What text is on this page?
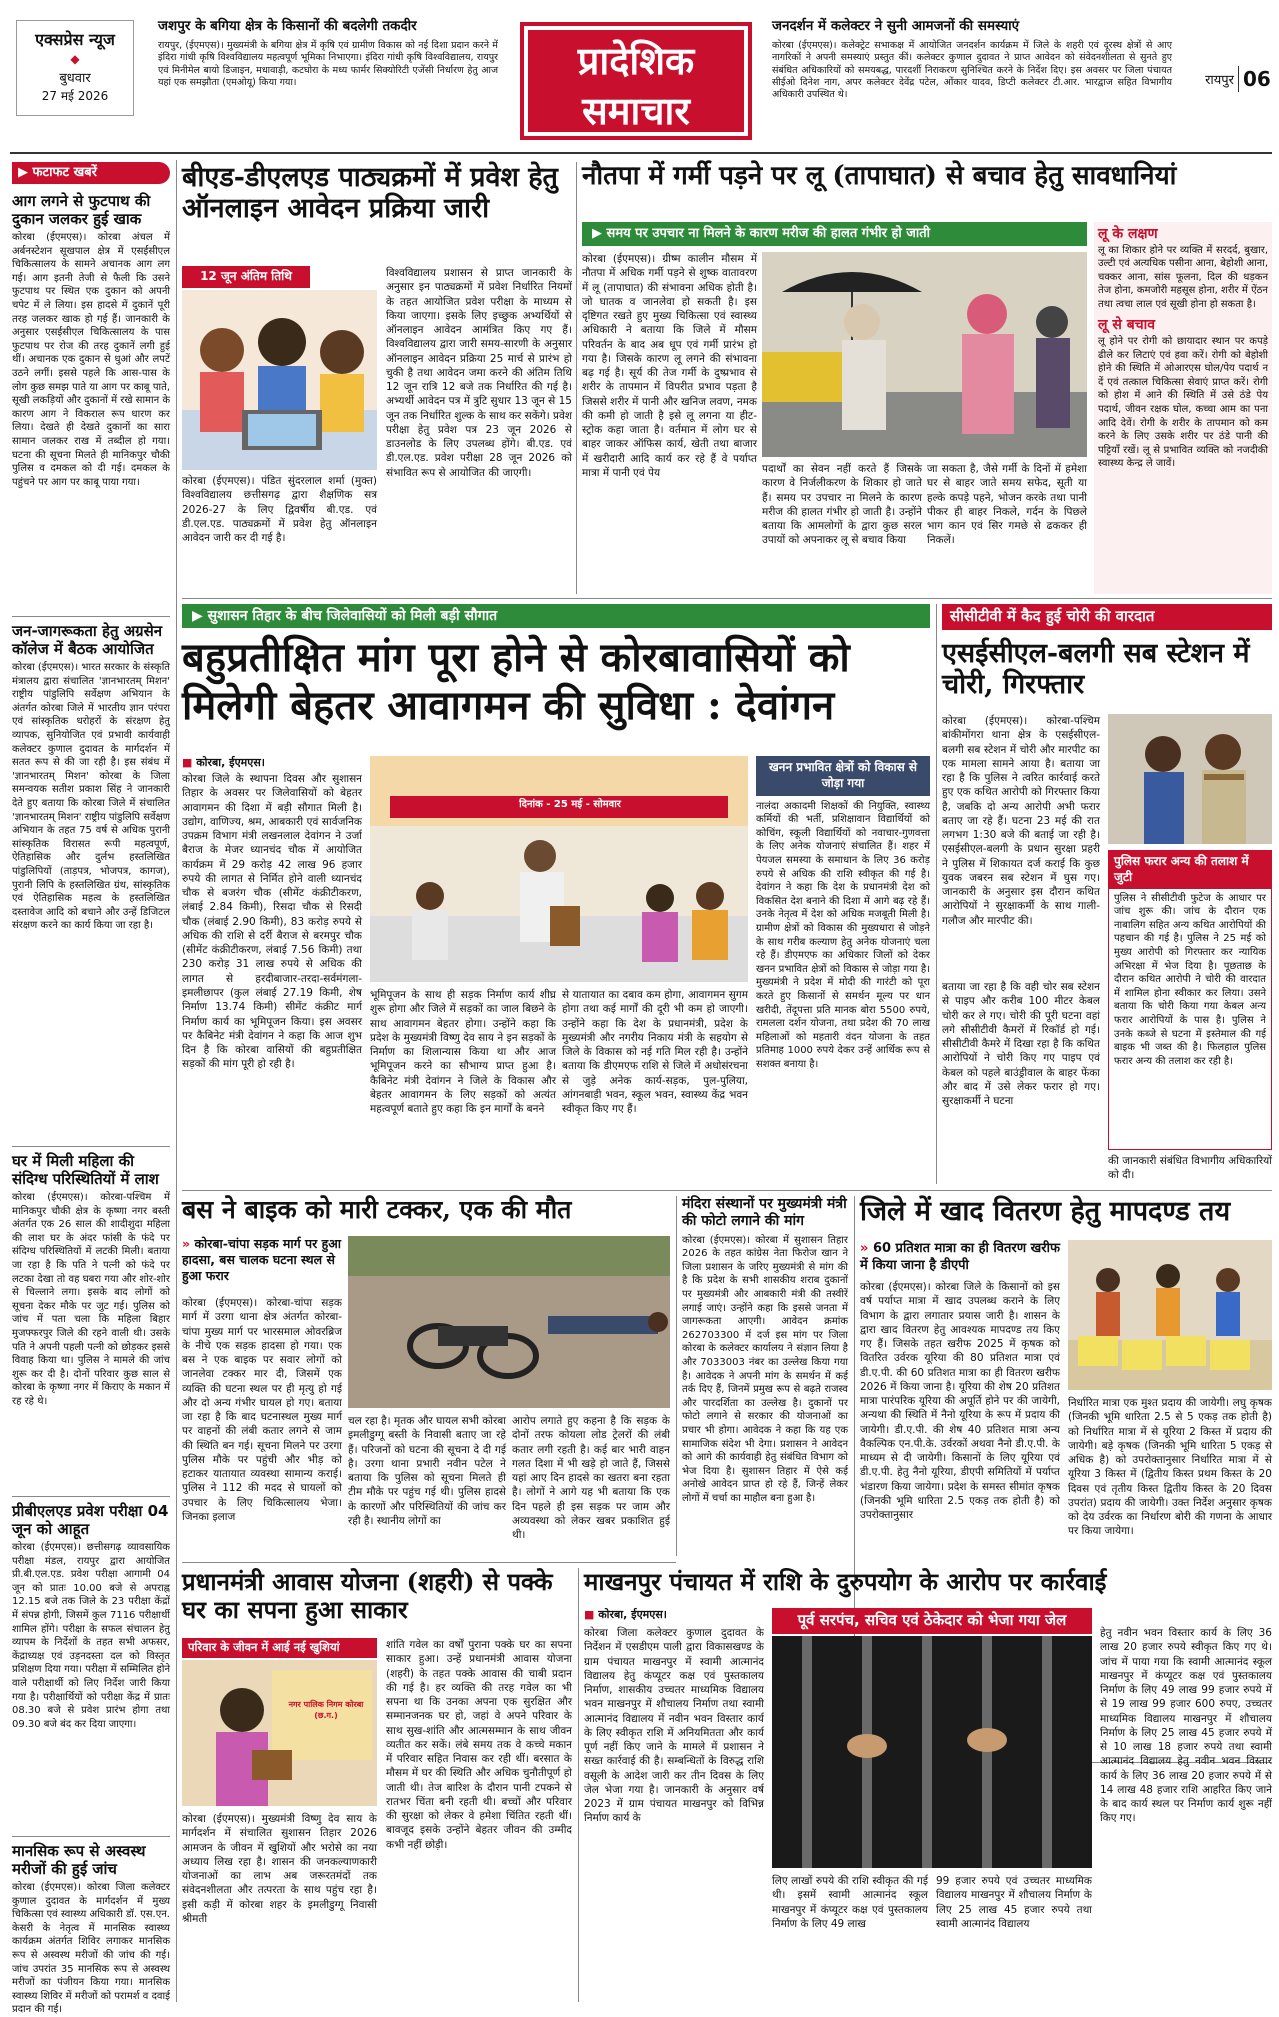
एक्सप्रेस न्यूज
◆
बुधवार
27 मई 2026
जशपुर के बगिया क्षेत्र के किसानों की बदलेगी तकदीर
रायपुर, (ईएमएस)। मुख्यमंत्री के बगिया क्षेत्र में कृषि एवं ग्रामीण विकास को नई दिशा प्रदान करने में इंदिरा गांधी कृषि विश्वविद्यालय महत्वपूर्ण भूमिका निभाएगा। इंदिरा गांधी कृषि विश्वविद्यालय, रायपुर एवं मिनीमेल बायो डिजाइन, मधावाड़ी, कटघोरा के मध्य फार्मर सिक्योरिटी एजेंसी निर्धारण हेतु आज यहां एक समझौता (एमओयू) किया गया।	प्रादेशिक
समाचार
जनदर्शन में कलेक्टर ने सुनी आमजनों की समस्याएं
कोरबा (ईएमएस)। कलेक्ट्रेट सभाकक्ष में आयोजित जनदर्शन कार्यक्रम में जिले के शहरी एवं दूरस्थ क्षेत्रों से आए नागरिकों ने अपनी समस्याएं प्रस्तुत कीं। कलेक्टर कुणाल दुदावत ने प्राप्त आवेदन को संवेदनशीलता से सुनते हुए संबंधित अधिकारियों को समयबद्ध, पारदर्शी निराकरण सुनिश्चित करने के निर्देश दिए। इस अवसर पर जिला पंचायत सीईओ दिनेश नाग, अपर कलेक्टर देवेंद्र पटेल, ओंकार यादव, डिप्टी कलेक्टर टी.आर. भारद्वाज सहित विभागीय अधिकारी उपस्थित थे।
रायपुर 06
▶ फटाफट खबरें
आग लगने से फुटपाथ की दुकान जलकर हुई खाक
कोरबा (ईएमएस)। कोरबा अंचल में अर्बनस्टेशन सूखपाल क्षेत्र में एसईसीएल चिकित्सालय के सामने अचानक आग लग गई। आग इतनी तेजी से फैली कि उसने फुटपाथ पर स्थित एक दुकान को अपनी चपेट में ले लिया। इस हादसे में दुकानें पूरी तरह जलकर खाक हो गई हैं। जानकारी के अनुसार एसईसीएल चिकित्सालय के पास फुटपाथ पर रोज की तरह दुकानें लगी हुई थीं। अचानक एक दुकान से धुआं और लपटें उठने लगीं। इससे पहले कि आस-पास के लोग कुछ समझ पाते या आग पर काबू पाते, सूखी लकड़ियों और दुकानों में रखे सामान के कारण आग ने विकराल रूप धारण कर लिया। देखते ही देखते दुकानों का सारा सामान जलकर राख में तब्दील हो गया। घटना की सूचना मिलते ही मानिकपुर चौकी पुलिस व दमकल को दी गई। दमकल के पहुंचने पर आग पर काबू पाया गया।
जन-जागरूकता हेतु अग्रसेन कॉलेज में बैठक आयोजित
कोरबा (ईएमएस)। भारत सरकार के संस्कृति मंत्रालय द्वारा संचालित 'ज्ञानभारतम् मिशन' राष्ट्रीय पांडुलिपि सर्वेक्षण अभियान के अंतर्गत कोरबा जिले में भारतीय ज्ञान परंपरा एवं सांस्कृतिक धरोहरों के संरक्षण हेतु व्यापक, सुनियोजित एवं प्रभावी कार्यवाही कलेक्टर कुणाल दुदावत के मार्गदर्शन में सतत रूप से की जा रही है। इस संबंध में 'ज्ञानभारतम् मिशन' कोरबा के जिला समन्वयक सतीश प्रकाश सिंह ने जानकारी देते हुए बताया कि कोरबा जिले में संचालित 'ज्ञानभारतम् मिशन' राष्ट्रीय पांडुलिपि सर्वेक्षण अभियान के तहत 75 वर्ष से अधिक पुरानी सांस्कृतिक विरासत रूपी महत्वपूर्ण, ऐतिहासिक और दुर्लभ हस्तलिखित पांडुलिपियों (ताड़पत्र, भोजपत्र, कागज), पुरानी लिपि के हस्तलिखित ग्रंथ, सांस्कृतिक एवं ऐतिहासिक महत्व के हस्तलिखित दस्तावेज आदि को बचाने और उन्हें डिजिटल संरक्षण करने का कार्य किया जा रहा है।
घर में मिली महिला की संदिग्ध परिस्थितियों में लाश
कोरबा (ईएमएस)। कोरबा-पश्चिम में मानिकपुर चौकी क्षेत्र के कृष्णा नगर बस्ती अंतर्गत एक 26 साल की शादीशुदा महिला की लाश घर के अंदर फांसी के फंदे पर संदिग्ध परिस्थितियों में लटकी मिली। बताया जा रहा है कि पति ने पत्नी को फंदे पर लटका देखा तो वह घबरा गया और शोर-शोर से चिल्लाने लगा। इसके बाद लोगों को सूचना देकर मौके पर जुट गई। पुलिस को जांच में पता चला कि महिला बिहार मुजफ्फरपुर जिले की रहने वाली थी। उसके पति ने अपनी पहली पत्नी को छोड़कर इससे विवाह किया था। पुलिस ने मामले की जांच शुरू कर दी है। दोनों परिवार कुछ साल से कोरबा के कृष्णा नगर में किराए के मकान में रह रहे थे।
प्रीबीएलएड प्रवेश परीक्षा 04 जून को आहूत
कोरबा (ईएमएस)। छत्तीसगढ़ व्यावसायिक परीक्षा मंडल, रायपुर द्वारा आयोजित प्री.बी.एल.एड. प्रवेश परीक्षा आगामी 04 जून को प्रातः 10.00 बजे से अपराह्न 12.15 बजे तक जिले के 23 परीक्षा केंद्रों में संपन्न होगी, जिसमें कुल 7116 परीक्षार्थी शामिल होंगे। परीक्षा के सफल संचालन हेतु व्यापम के निर्देशों के तहत सभी अफसर, केंद्राध्यक्ष एवं उड़नदस्ता दल को विस्तृत प्रशिक्षण दिया गया। परीक्षा में सम्मिलित होने वाले परीक्षार्थी को लिए निर्देश जारी किया गया है। परीक्षार्थियों को परीक्षा केंद्र में प्रातः 08.30 बजे से प्रवेश प्रारंभ होगा तथा 09.30 बजे बंद कर दिया जाएगा।
मानसिक रूप से अस्वस्थ मरीजों की हुई जांच
कोरबा (ईएमएस)। कोरबा जिला कलेक्टर कुणाल दुदावत के मार्गदर्शन में मुख्य चिकित्सा एवं स्वास्थ्य अधिकारी डॉ. एस.एन. केसरी के नेतृत्व में मानसिक स्वास्थ्य कार्यक्रम अंतर्गत शिविर लगाकर मानसिक रूप से अस्वस्थ मरीजों की जांच की गई। जांच उपरांत 35 मानसिक रूप से अस्वस्थ मरीजों का पंजीयन किया गया। मानसिक स्वास्थ्य शिविर में मरीजों को परामर्श व दवाई प्रदान की गई।
बीएड-डीएलएड पाठ्यक्रमों में प्रवेश हेतु ऑनलाइन आवेदन प्रक्रिया जारी
12 जून अंतिम तिथि
कोरबा (ईएमएस)। पंडित सुंदरलाल शर्मा (मुक्त) विश्वविद्यालय छत्तीसगढ़ द्वारा शैक्षणिक सत्र 2026-27 के लिए द्विवर्षीय बी.एड. एवं डी.एल.एड. पाठ्यक्रमों में प्रवेश हेतु ऑनलाइन आवेदन जारी कर दी गई है।
विश्वविद्यालय प्रशासन से प्राप्त जानकारी के अनुसार इन पाठ्यक्रमों में प्रवेश निर्धारित नियमों के तहत आयोजित प्रवेश परीक्षा के माध्यम से किया जाएगा। इसके लिए इच्छुक अभ्यर्थियों से ऑनलाइन आवेदन आमंत्रित किए गए हैं। विश्वविद्यालय द्वारा जारी समय-सारणी के अनुसार ऑनलाइन आवेदन प्रक्रिया 25 मार्च से प्रारंभ हो चुकी है तथा आवेदन जमा करने की अंतिम तिथि 12 जून रात्रि 12 बजे तक निर्धारित की गई है। अभ्यर्थी आवेदन पत्र में त्रुटि सुधार 13 जून से 15 जून तक निर्धारित शुल्क के साथ कर सकेंगे। प्रवेश परीक्षा हेतु प्रवेश पत्र 23 जून 2026 से डाउनलोड के लिए उपलब्ध होंगे। बी.एड. एवं डी.एल.एड. प्रवेश परीक्षा 28 जून 2026 को संभावित रूप से आयोजित की जाएगी।
नौतपा में गर्मी पड़ने पर लू (तापाघात) से बचाव हेतु सावधानियां
▶ समय पर उपचार ना मिलने के कारण मरीज की हालत गंभीर हो जाती
कोरबा (ईएमएस)। ग्रीष्म कालीन मौसम में नौतपा में अधिक गर्मी पड़ने से शुष्क वातावरण में लू (तापाघात) की संभावना अधिक होती है। जो घातक व जानलेवा हो सकती है। इस दृष्टिगत रखते हुए मुख्य चिकित्सा एवं स्वास्थ्य अधिकारी ने बताया कि जिले में मौसम परिवर्तन के बाद अब धूप एवं गर्मी प्रारंभ हो गया है। जिसके कारण लू लगने की संभावना बढ़ गई है। सूर्य की तेज गर्मी के दुष्प्रभाव से शरीर के तापमान में विपरीत प्रभाव पड़ता है जिससे शरीर में पानी और खनिज लवण, नमक की कमी हो जाती है इसे लू लगना या हीट-स्ट्रोक कहा जाता है। वर्तमान में लोग घर से बाहर जाकर ऑफिस कार्य, खेती तथा बाजार में खरीदारी आदि कार्य कर रहे हैं वे पर्याप्त मात्रा में पानी एवं पेय	पदार्थों का सेवन नहीं करते हैं जिसके कारण वे निर्जलीकरण के शिकार हो जाते हैं। समय पर उपचार ना मिलने के कारण मरीज की हालत गंभीर हो जाती है। उन्होंने बताया कि आमलोगों के द्वारा कुछ सरल उपायों को अपनाकर लू से बचाव किया
जा सकता है, जैसे गर्मी के दिनों में हमेशा घर से बाहर जाते समय सफेद, सूती या हल्के कपड़े पहने, भोजन करके तथा पानी पीकर ही बाहर निकले, गर्दन के पिछले भाग कान एवं सिर गमछे से ढककर ही निकलें।
लू के लक्षण
लू का शिकार होने पर व्यक्ति में सरदर्द, बुखार, उल्टी एवं अत्यधिक पसीना आना, बेहोशी आना, चक्कर आना, सांस फूलना, दिल की धड़कन तेज होना, कमजोरी महसूस होना, शरीर में ऐंठन तथा त्वचा लाल एवं सूखी होना हो सकता है।
लू से बचाव
लू होने पर रोगी को छायादार स्थान पर कपड़े ढीले कर लिटाएं एवं हवा करें। रोगी को बेहोशी होने की स्थिति में ओआरएस घोल/पेय पदार्थ न दें एवं तत्काल चिकित्सा सेवाएं प्राप्त करें। रोगी को होश में आने की स्थिति में उसे ठंडे पेय पदार्थ, जीवन रक्षक घोल, कच्चा आम का पना आदि देवें। रोगी के शरीर के तापमान को कम करने के लिए उसके शरीर पर ठंडे पानी की पट्टियाँ रखें। लू से प्रभावित व्यक्ति को नजदीकी स्वास्थ्य केन्द्र ले जावें।
▶ सुशासन तिहार के बीच जिलेवासियों को मिली बड़ी सौगात
बहुप्रतीक्षित मांग पूरा होने से कोरबावासियों को मिलेगी बेहतर आवागमन की सुविधा : देवांगन
■ कोरबा, ईएमएस।
कोरबा जिले के स्थापना दिवस और सुशासन तिहार के अवसर पर जिलेवासियों को बेहतर आवागमन की दिशा में बड़ी सौगात मिली है। उद्योग, वाणिज्य, श्रम, आबकारी एवं सार्वजनिक उपक्रम विभाग मंत्री लखनलाल देवांगन ने उर्जा बैराज के मेजर ध्यानचंद चौक में आयोजित कार्यक्रम में 29 करोड़ 42 लाख 96 हजार रुपये की लागत से निर्मित होने वाली ध्यानचंद चौक से बजरंग चौक (सीमेंट कंक्रीटीकरण, लंबाई 2.84 किमी), रिसदा चौक से रिसदी चौक (लंबाई 2.90 किमी), 83 करोड़ रुपये से अधिक की राशि से दर्री बैराज से बरमपुर चौक (सीमेंट कंक्रीटीकरण, लंबाई 7.56 किमी) तथा 230 करोड़ 31 लाख रुपये से अधिक की लागत से हरदीबाजार-तरदा-सर्वमंगला-इमलीछापर (कुल लंबाई 27.19 किमी, शेष निर्माण 13.74 किमी) सीमेंट कंक्रीट मार्ग निर्माण कार्य का भूमिपूजन किया। इस अवसर पर कैबिनेट मंत्री देवांगन ने कहा कि आज शुभ दिन है कि कोरबा वासियों की बहुप्रतीक्षित सड़कों की मांग पूरी हो रही है।
दिनांक - 25 मई - सोमवार
भूमिपूजन के साथ ही सड़क निर्माण कार्य शीघ्र शुरू होगा और जिले में सड़कों का जाल बिछने के साथ आवागमन बेहतर होगा। उन्होंने कहा कि प्रदेश के मुख्यमंत्री विष्णु देव साय ने इन सड़कों के निर्माण का शिलान्यास किया था और आज भूमिपूजन करने का सौभाग्य प्राप्त हुआ है। कैबिनेट मंत्री देवांगन ने जिले के विकास और बेहतर आवागमन के लिए सड़कों को अत्यंत महत्वपूर्ण बताते हुए कहा कि इन मार्गों के बनने
से यातायात का दबाव कम होगा, आवागमन सुगम होगा तथा कई मार्गों की दूरी भी कम हो जाएगी। उन्होंने कहा कि देश के प्रधानमंत्री, प्रदेश के मुख्यमंत्री और नगरीय निकाय मंत्री के सहयोग से जिले के विकास को नई गति मिल रही है। उन्होंने बताया कि डीएमएफ राशि से जिले में अधोसंरचना से जुड़े अनेक कार्य-सड़क, पुल-पुलिया, आंगनबाड़ी भवन, स्कूल भवन, स्वास्थ्य केंद्र भवन स्वीकृत किए गए हैं।
खनन प्रभावित क्षेत्रों को विकास से जोड़ा गया
नालंदा अकादमी शिक्षकों की नियुक्ति, स्वास्थ्य कर्मियों की भर्ती, प्रशिक्षावान विद्यार्थियों को कोचिंग, स्कूली विद्यार्थियों को नवाचार-गुणवत्ता के लिए अनेक योजनाएं संचालित हैं। शहर में पेयजल समस्या के समाधान के लिए 36 करोड़ रुपये से अधिक की राशि स्वीकृत की गई है। देवांगन ने कहा कि देश के प्रधानमंत्री देश को विकसित देश बनाने की दिशा में आगे बढ़ रहे हैं। उनके नेतृत्व में देश को अधिक मजबूती मिली है। ग्रामीण क्षेत्रों को विकास की मुख्यधारा से जोड़ने के साथ गरीब कल्याण हेतु अनेक योजनाएं चला रहे हैं। डीएमएफ का अधिकार जिलों को देकर खनन प्रभावित क्षेत्रों को विकास से जोड़ा गया है। मुख्यमंत्री ने प्रदेश में मोदी की गारंटी को पूरा करते हुए किसानों से समर्थन मूल्य पर धान खरीदी, तेंदूपत्ता प्रति मानक बोरा 5500 रुपये, रामलला दर्शन योजना, तथा प्रदेश की 70 लाख महिलाओं को महतारी वंदन योजना के तहत प्रतिमाह 1000 रुपये देकर उन्हें आर्थिक रूप से सशक्त बनाया है।
सीसीटीवी में कैद हुई चोरी की वारदात
एसईसीएल-बलगी सब स्टेशन में चोरी, गिरफ्तार
कोरबा (ईएमएस)। कोरबा-पश्चिम बांकीमोंगरा थाना क्षेत्र के एसईसीएल-बलगी सब स्टेशन में चोरी और मारपीट का एक मामला सामने आया है। बताया जा रहा है कि पुलिस ने त्वरित कार्रवाई करते हुए एक कथित आरोपी को गिरफ्तार किया है, जबकि दो अन्य आरोपी अभी फरार बताए जा रहे हैं। घटना 23 मई की रात लगभग 1:30 बजे की बताई जा रही है। एसईसीएल-बलगी के प्रधान सुरक्षा प्रहरी ने पुलिस में शिकायत दर्ज कराई कि कुछ युवक जबरन सब स्टेशन में घुस गए। जानकारी के अनुसार इस दौरान कथित आरोपियों ने सुरक्षाकर्मी के साथ गाली-गलौज और मारपीट की।
पुलिस फरार अन्य की तलाश में जुटी
पुलिस ने सीसीटीवी फुटेज के आधार पर जांच शुरू की। जांच के दौरान एक नाबालिग सहित अन्य कथित आरोपियों की पहचान की गई है। पुलिस ने 25 मई को मुख्य आरोपी को गिरफ्तार कर न्यायिक अभिरक्षा में भेज दिया है। पूछताछ के दौरान कथित आरोपी ने चोरी की वारदात में शामिल होना स्वीकार कर लिया। उसने बताया कि चोरी किया गया केबल अन्य फरार आरोपियों के पास है। पुलिस ने उनके कब्जे से घटना में इस्तेमाल की गई बाइक भी जब्त की है। फिलहाल पुलिस फरार अन्य की तलाश कर रही है।
बताया जा रहा है कि वही चोर सब स्टेशन से पाइप और करीब 100 मीटर केबल चोरी कर ले गए। चोरी की पूरी घटना वहां लगे सीसीटीवी कैमरों में रिकॉर्ड हो गई। सीसीटीवी कैमरे में दिखा रहा है कि कथित आरोपियों ने चोरी किए गए पाइप एवं केबल को पहले बाउंड्रीवाल के बाहर फेंका और बाद में उसे लेकर फरार हो गए। सुरक्षाकर्मी ने घटना
की जानकारी संबंधित विभागीय अधिकारियों को दी।
बस ने बाइक को मारी टक्कर, एक की मौत
» कोरबा-चांपा सड़क मार्ग पर हुआ हादसा, बस चालक घटना स्थल से हुआ फरार
कोरबा (ईएमएस)। कोरबा-चांपा सड़क मार्ग में उरगा थाना क्षेत्र अंतर्गत कोरबा-चांपा मुख्य मार्ग पर भारसमाल ओवरब्रिज के नीचे एक सड़क हादसा हो गया। एक बस ने एक बाइक पर सवार लोगों को जानलेवा टक्कर मार दी, जिसमें एक व्यक्ति की घटना स्थल पर ही मृत्यु हो गई और दो अन्य गंभीर घायल हो गए। बताया जा रहा है कि बाद घटनास्थल मुख्य मार्ग पर वाहनों की लंबी कतार लगने से जाम की स्थिति बन गई। सूचना मिलने पर उरगा पुलिस मौके पर पहुंची और भीड़ को हटाकर यातायात व्यवस्था सामान्य कराई। पुलिस ने 112 की मदद से घायलों को उपचार के लिए चिकित्सालय भेजा। जिनका इलाज
चल रहा है। मृतक और घायल सभी कोरबा इमलीडुग्गू बस्ती के निवासी बताए जा रहे हैं। परिजनों को घटना की सूचना दे दी गई है। उरगा थाना प्रभारी नवीन पटेल ने बताया कि पुलिस को सूचना मिलते ही टीम मौके पर पहुंच गई थी। पुलिस हादसे के कारणों और परिस्थितियों की जांच कर रही है। स्थानीय लोगों का
आरोप लगाते हुए कहना है कि सड़क के दोनों तरफ कोयला लोड ट्रेलरों की लंबी कतार लगी रहती है। कई बार भारी वाहन गलत दिशा में भी खड़े हो जाते हैं, जिससे यहां आए दिन हादसे का खतरा बना रहता है। लोगों ने आगे यह भी बताया कि एक दिन पहले ही इस सड़क पर जाम और अव्यवस्था को लेकर खबर प्रकाशित हुई थी।
मंदिरा संस्थानों पर मुख्यमंत्री मंत्री की फोटो लगाने की मांग
कोरबा (ईएमएस)। कोरबा में सुशासन तिहार 2026 के तहत कांग्रेस नेता फिरोज खान ने जिला प्रशासन के जरिए मुख्यमंत्री से मांग की है कि प्रदेश के सभी शासकीय शराब दुकानों पर मुख्यमंत्री और आबकारी मंत्री की तस्वीरें लगाई जाएं। उन्होंने कहा कि इससे जनता में जागरूकता आएगी। आवेदन क्रमांक 262703300 में दर्ज इस मांग पर जिला कोरबा के कलेक्टर कार्यालय ने संज्ञान लिया है और 7033003 नंबर का उल्लेख किया गया है। आवेदक ने अपनी मांग के समर्थन में कई तर्क दिए हैं, जिनमें प्रमुख रूप से बढ़ते राजस्व और पारदर्शिता का उल्लेख है। दुकानों पर फोटो लगाने से सरकार की योजनाओं का प्रचार भी होगा। आवेदक ने कहा कि यह एक सामाजिक संदेश भी देगा। प्रशासन ने आवेदन को आगे की कार्यवाही हेतु संबंधित विभाग को भेज दिया है। सुशासन तिहार में ऐसे कई अनोखे आवेदन प्राप्त हो रहे हैं, जिन्हें लेकर लोगों में चर्चा का माहौल बना हुआ है।
जिले में खाद वितरण हेतु मापदण्ड तय
» 60 प्रतिशत मात्रा का ही वितरण खरीफ में किया जाना है डीएपी
कोरबा (ईएमएस)। कोरबा जिले के किसानों को इस वर्ष पर्याप्त मात्रा में खाद उपलब्ध कराने के लिए विभाग के द्वारा लगातार प्रयास जारी है। शासन के द्वारा खाद वितरण हेतु आवश्यक मापदण्ड तय किए गए हैं। जिसके तहत खरीफ 2025 में कृषक को वितरित उर्वरक यूरिया की 80 प्रतिशत मात्रा एवं डी.ए.पी. की 60 प्रतिशत मात्रा का ही वितरण खरीफ 2026 में किया जाना है। यूरिया की शेष 20 प्रतिशत मात्रा पारंपरिक यूरिया की अपूर्ति होने पर की जायेगी, अन्यथा की स्थिति में नैनो यूरिया के रूप में प्रदाय की जायेगी। डी.ए.पी. की शेष 40 प्रतिशत मात्रा अन्य वैकल्पिक एन.पी.के. उर्वरकों अथवा नैनो डी.ए.पी. के माध्यम से दी जायेगी। किसानों के लिए यूरिया एवं डी.ए.पी. हेतु नैनो यूरिया, डीएपी समितियों में पर्याप्त भंडारण किया जायेगा। प्रदेश के समस्त सीमांत कृषक (जिनकी भूमि धारिता 2.5 एकड़ तक होती है) को उपरोक्तानुसार
निर्धारित मात्रा एक मुश्त प्रदाय की जायेगी। लघु कृषक (जिनकी भूमि धारिता 2.5 से 5 एकड़ तक होती है) को निर्धारित मात्रा में से यूरिया 2 किस्त में प्रदाय की जायेगी। बड़े कृषक (जिनकी भूमि धारिता 5 एकड़ से अधिक है) को उपरोक्तानुसार निर्धारित मात्रा में से यूरिया 3 किस्त में (द्वितीय किस्त प्रथम किस्त के 20 दिवस एवं तृतीय किस्त द्वितीय किस्त के 20 दिवस उपरांत) प्रदाय की जायेगी। उक्त निर्देश अनुसार कृषक को देय उर्वरक का निर्धारण बोरी की गणना के आधार पर किया जायेगा।
प्रधानमंत्री आवास योजना (शहरी) से पक्के घर का सपना हुआ साकार
परिवार के जीवन में आई नई खुशियां
नगर पालिक निगम कोरबा (छ.ग.)
कोरबा (ईएमएस)। मुख्यमंत्री विष्णु देव साय के मार्गदर्शन में संचालित सुशासन तिहार 2026 आमजन के जीवन में खुशियों और भरोसे का नया अध्याय लिख रहा है। शासन की जनकल्याणकारी योजनाओं का लाभ अब जरूरतमंदों तक संवेदनशीलता और तत्परता के साथ पहुंच रहा है। इसी कड़ी में कोरबा शहर के इमलीडुग्गू निवासी श्रीमती
शांति गवेल का वर्षों पुराना पक्के घर का सपना साकार हुआ। उन्हें प्रधानमंत्री आवास योजना (शहरी) के तहत पक्के आवास की चाबी प्रदान की गई है। हर व्यक्ति की तरह गवेल का भी सपना था कि उनका अपना एक सुरक्षित और सम्मानजनक घर हो, जहां वे अपने परिवार के साथ सुख-शांति और आत्मसम्मान के साथ जीवन व्यतीत कर सकें। लंबे समय तक वे कच्चे मकान में परिवार सहित निवास कर रही थीं। बरसात के मौसम में घर की स्थिति और अधिक चुनौतीपूर्ण हो जाती थी। तेज बारिश के दौरान पानी टपकने से रातभर चिंता बनी रहती थी। बच्चों और परिवार की सुरक्षा को लेकर वे हमेशा चिंतित रहती थीं। बावजूद इसके उन्होंने बेहतर जीवन की उम्मीद कभी नहीं छोड़ी।
माखनपुर पंचायत में राशि के दुरुपयोग के आरोप पर कार्रवाई
■ कोरबा, ईएमएस।
कोरबा जिला कलेक्टर कुणाल दुदावत के निर्देशन में एसडीएम पाली द्वारा विकासखण्ड के ग्राम पंचायत माखनपुर में स्वामी आत्मानंद विद्यालय हेतु कंप्यूटर कक्ष एवं पुस्तकालय निर्माण, शासकीय उच्चतर माध्यमिक विद्यालय भवन माखनपुर में शौचालय निर्माण तथा स्वामी आत्मानंद विद्यालय में नवीन भवन विस्तार कार्य के लिए स्वीकृत राशि में अनियमितता और कार्य पूर्ण नहीं किए जाने के मामले में प्रशासन ने सख्त कार्रवाई की है। सम्बन्धितों के विरुद्ध राशि वसूली के आदेश जारी कर तीन दिवस के लिए जेल भेजा गया है। जानकारी के अनुसार वर्ष 2023 में ग्राम पंचायत माखनपुर को विभिन्न निर्माण कार्य के
पूर्व सरपंच, सचिव एवं ठेकेदार को भेजा गया जेल
लिए लाखों रुपये की राशि स्वीकृत की गई थी। इसमें स्वामी आत्मानंद स्कूल माखनपुर में कंप्यूटर कक्ष एवं पुस्तकालय निर्माण के लिए 49 लाख
99 हजार रुपये एवं उच्चतर माध्यमिक विद्यालय माखनपुर में शौचालय निर्माण के लिए 25 लाख 45 हजार रुपये तथा स्वामी आत्मानंद विद्यालय
हेतु नवीन भवन विस्तार कार्य के लिए 36 लाख 20 हजार रुपये स्वीकृत किए गए थे। जांच में पाया गया कि स्वामी आत्मानंद स्कूल माखनपुर में कंप्यूटर कक्ष एवं पुस्तकालय निर्माण के लिए 49 लाख 99 हजार रुपये में से 19 लाख 99 हजार 600 रुपए, उच्चतर माध्यमिक विद्यालय माखनपुर में शौचालय निर्माण के लिए 25 लाख 45 हजार रुपये में से 10 लाख 18 हजार रुपये तथा स्वामी आत्मानंद विद्यालय हेतु नवीन भवन विस्तार कार्य के लिए 36 लाख 20 हजार रुपये में से 14 लाख 48 हजार राशि आहरित किए जाने के बाद कार्य स्थल पर निर्माण कार्य शुरू नहीं किए गए।
